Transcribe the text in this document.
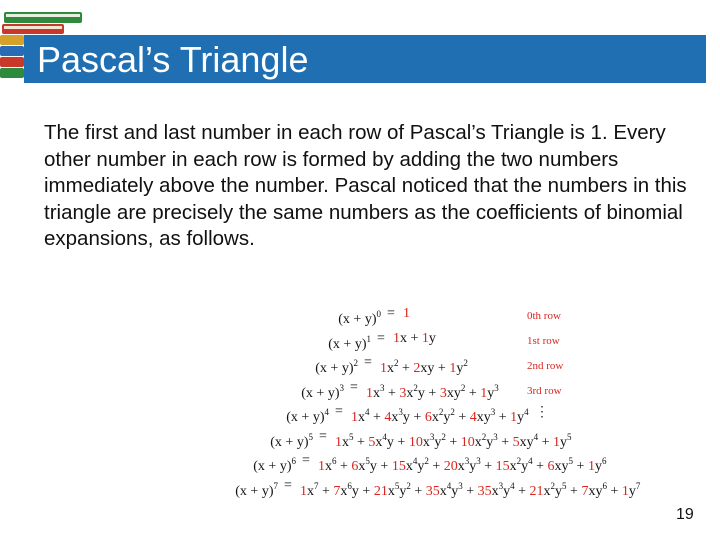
Pascal’s Triangle
The first and last number in each row of Pascal’s Triangle is 1. Every other number in each row is formed by adding the two numbers immediately above the number. Pascal noticed that the numbers in this triangle are precisely the same numbers as the coefficients of binomial expansions, as follows.
$(x + y)^0 = 1$
$(x + y)^1 = 1x + 1y$
$(x + y)^2 = 1x^2 + 2xy + 1y^2$
$(x + y)^3 = 1x^3 + 3x^2y + 3xy^2 + 1y^3$
$(x + y)^4 = 1x^4 + 4x^3y + 6x^2y^2 + 4xy^3 + 1y^4$
$(x + y)^5 = 1x^5 + 5x^4y + 10x^3y^2 + 10x^2y^3 + 5xy^4 + 1y^5$
$(x + y)^6 = 1x^6 + 6x^5y + 15x^4y^2 + 20x^3y^3 + 15x^2y^4 + 6xy^5 + 1y^6$
$(x + y)^7 = 1x^7 + 7x^6y + 21x^5y^2 + 35x^4y^3 + 35x^3y^4 + 21x^2y^5 + 7xy^6 + 1y^7$
0th row
1st row
2nd row
3rd row
⋮
19
